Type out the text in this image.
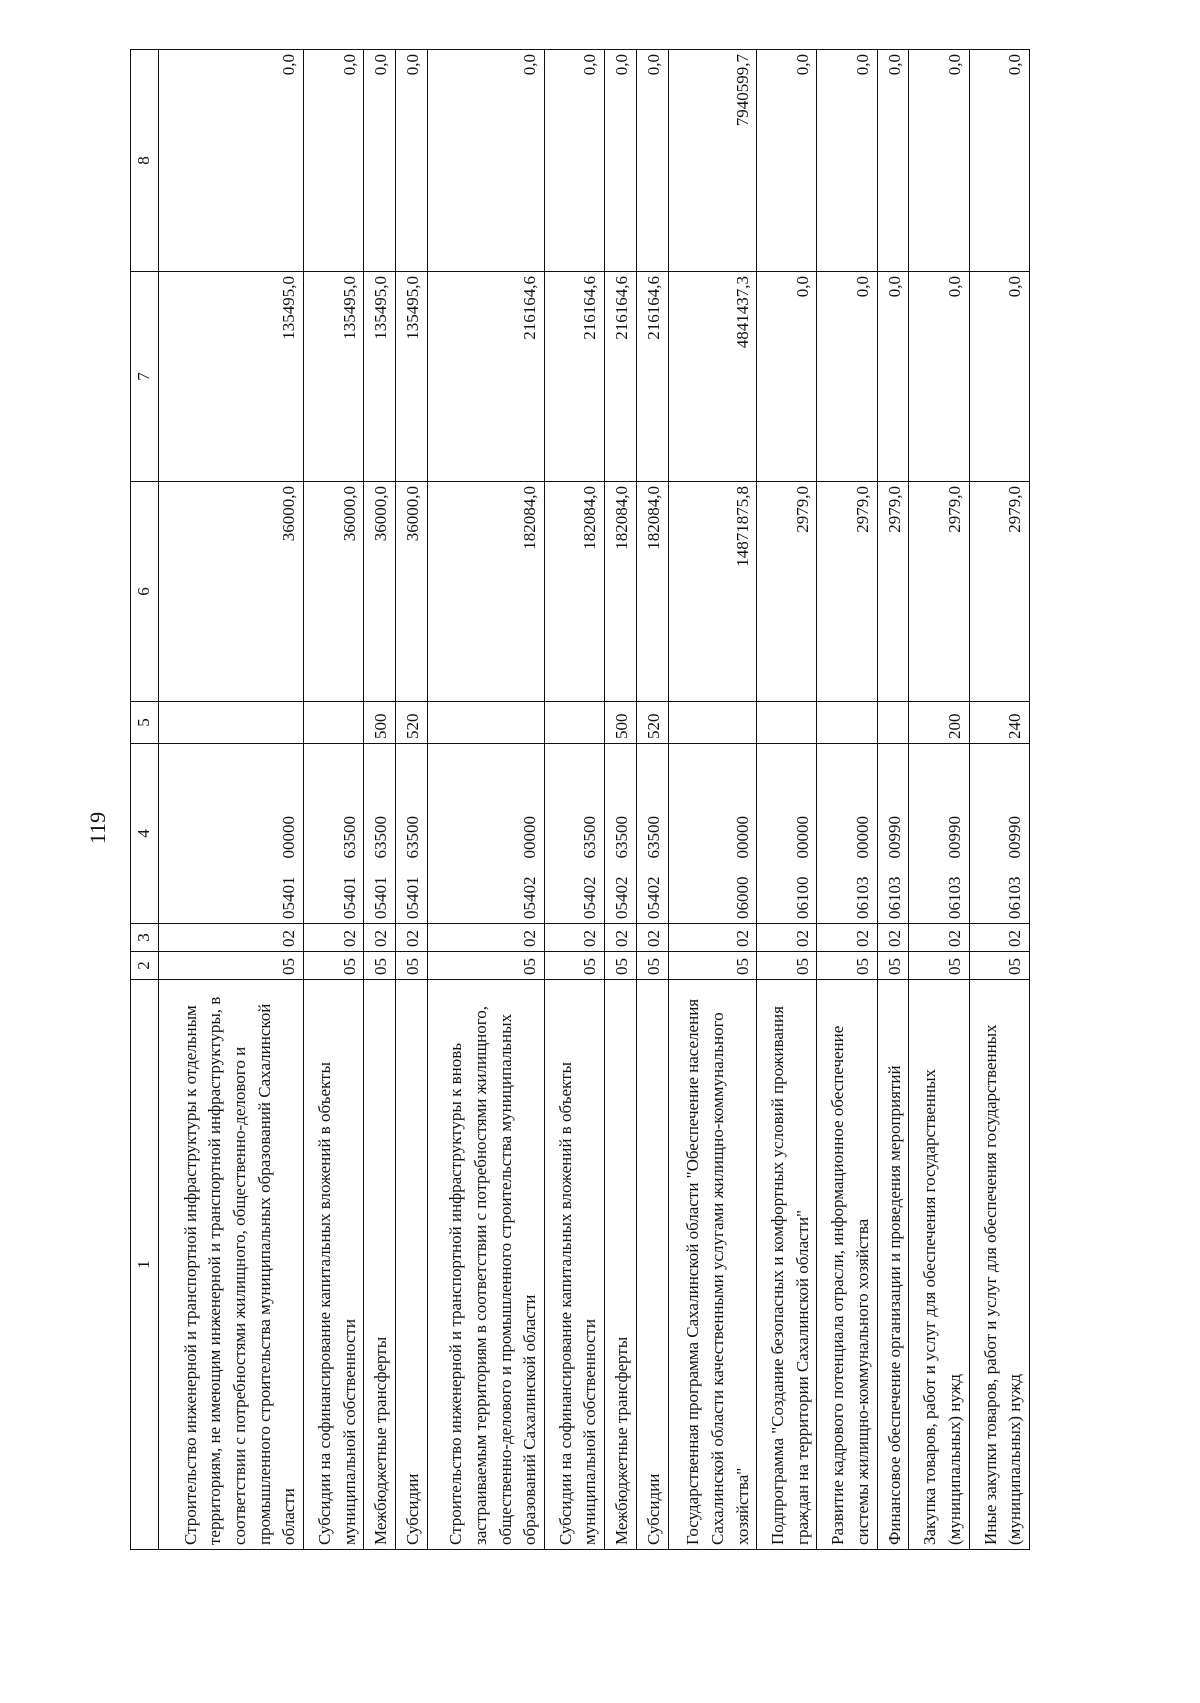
119
1	2	3	4	5	6	7	8
Строительство инженерной и транспортной инфраструктуры к отдельным территориям, не имеющим инженерной и транспортной инфраструктуры, в соответствии с потребностями жилищного, общественно-делового и промышленного строительства муниципальных образований Сахалинской области	05	02	0540100000		36000,0	135495,0	0,0
Субсидии на софинансирование капитальных вложений в объекты муниципальной собственности	05	02	0540163500		36000,0	135495,0	0,0
Межбюджетные трансферты	05	02	0540163500	500	36000,0	135495,0	0,0
Субсидии	05	02	0540163500	520	36000,0	135495,0	0,0
Строительство инженерной и транспортной инфраструктуры к вновь застраиваемым территориям в соответствии с потребностями жилищного, общественно-делового и промышленного строительства муниципальных образований Сахалинской области	05	02	0540200000		182084,0	216164,6	0,0
Субсидии на софинансирование капитальных вложений в объекты муниципальной собственности	05	02	0540263500		182084,0	216164,6	0,0
Межбюджетные трансферты	05	02	0540263500	500	182084,0	216164,6	0,0
Субсидии	05	02	0540263500	520	182084,0	216164,6	0,0
Государственная программа Сахалинской области "Обеспечение населения Сахалинской области качественными услугами жилищно-коммунального хозяйства"	05	02	0600000000		14871875,8	4841437,3	7940599,7
Подпрограмма "Создание безопасных и комфортных условий проживания граждан на территории Сахалинской области"	05	02	0610000000		2979,0	0,0	0,0
Развитие кадрового потенциала отрасли, информационное обеспечение системы жилищно-коммунального хозяйства	05	02	0610300000		2979,0	0,0	0,0
Финансовое обеспечение организации и проведения мероприятий	05	02	0610300990		2979,0	0,0	0,0
Закупка товаров, работ и услуг для обеспечения государственных (муниципальных) нужд	05	02	0610300990	200	2979,0	0,0	0,0
Иные закупки товаров, работ и услуг для обеспечения государственных (муниципальных) нужд	05	02	0610300990	240	2979,0	0,0	0,0
